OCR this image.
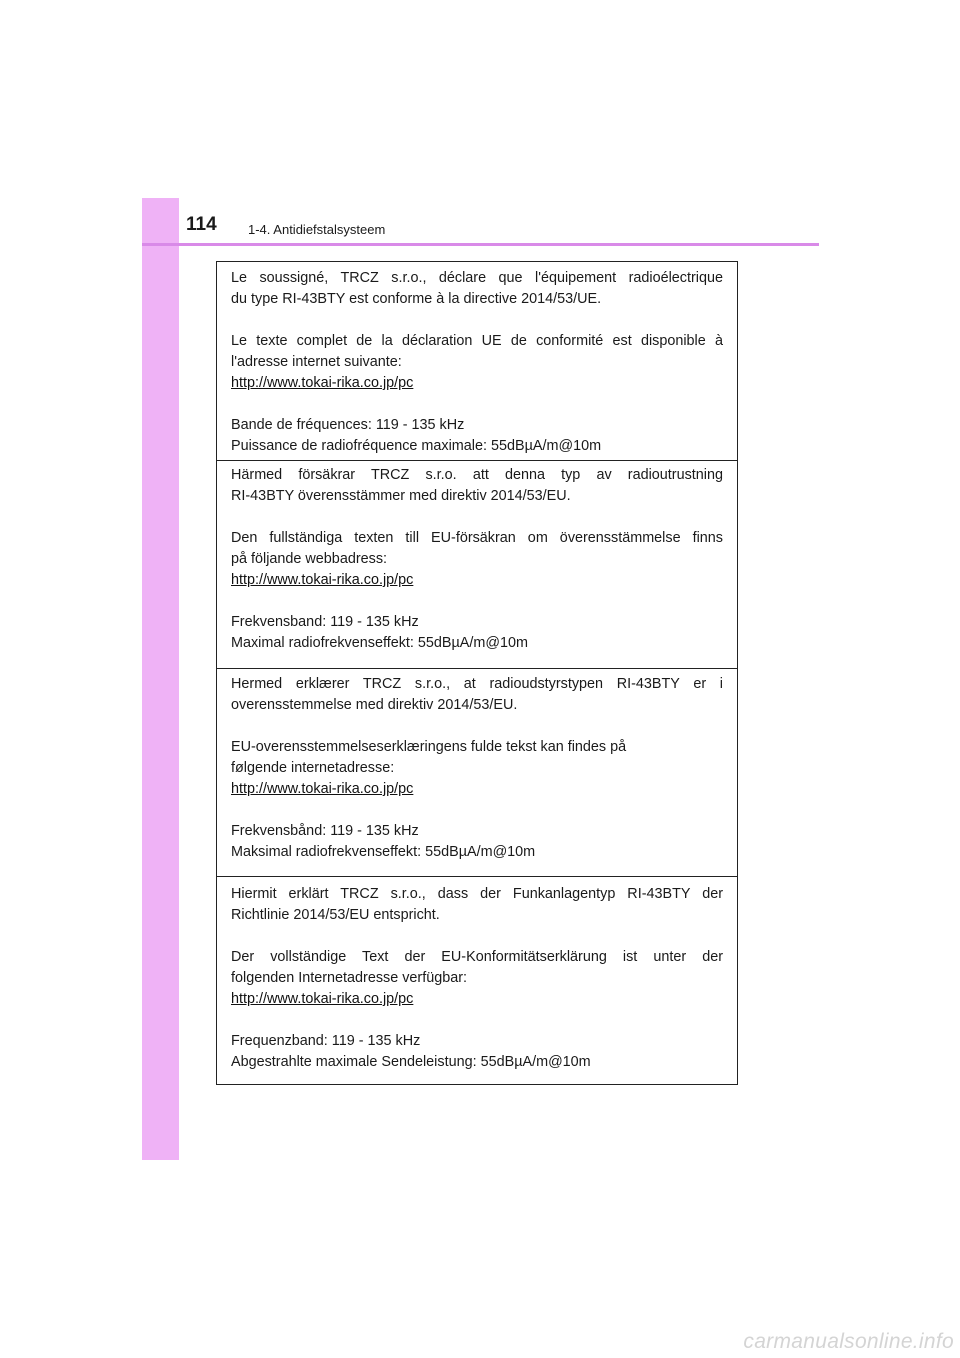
114 1-4. Antidiefstalsysteem
Le soussigné, TRCZ s.r.o., déclare que l'équipement radioélectrique
du type RI-43BTY est conforme à la directive 2014/53/UE.
Le texte complet de la déclaration UE de conformité est disponible à
l'adresse internet suivante:
http://www.tokai-rika.co.jp/pc
Bande de fréquences: 119 - 135 kHz
Puissance de radiofréquence maximale: 55dBµA/m@10m
Härmed försäkrar TRCZ s.r.o. att denna typ av radioutrustning
RI-43BTY överensstämmer med direktiv 2014/53/EU.
Den fullständiga texten till EU-försäkran om överensstämmelse finns
på följande webbadress:
http://www.tokai-rika.co.jp/pc
Frekvensband: 119 - 135 kHz
Maximal radiofrekvenseffekt: 55dBµA/m@10m
Hermed erklærer TRCZ s.r.o., at radioudstyrstypen RI-43BTY er i
overensstemmelse med direktiv 2014/53/EU.
EU-overensstemmelseserklæringens fulde tekst kan findes på
følgende internetadresse:
http://www.tokai-rika.co.jp/pc
Frekvensbånd: 119 - 135 kHz
Maksimal radiofrekvenseffekt: 55dBµA/m@10m
Hiermit erklärt TRCZ s.r.o., dass der Funkanlagentyp RI-43BTY der
Richtlinie 2014/53/EU entspricht.
Der vollständige Text der EU-Konformitätserklärung ist unter der
folgenden Internetadresse verfügbar:
http://www.tokai-rika.co.jp/pc
Frequenzband: 119 - 135 kHz
Abgestrahlte maximale Sendeleistung: 55dBµA/m@10m
carmanualsonline.info
